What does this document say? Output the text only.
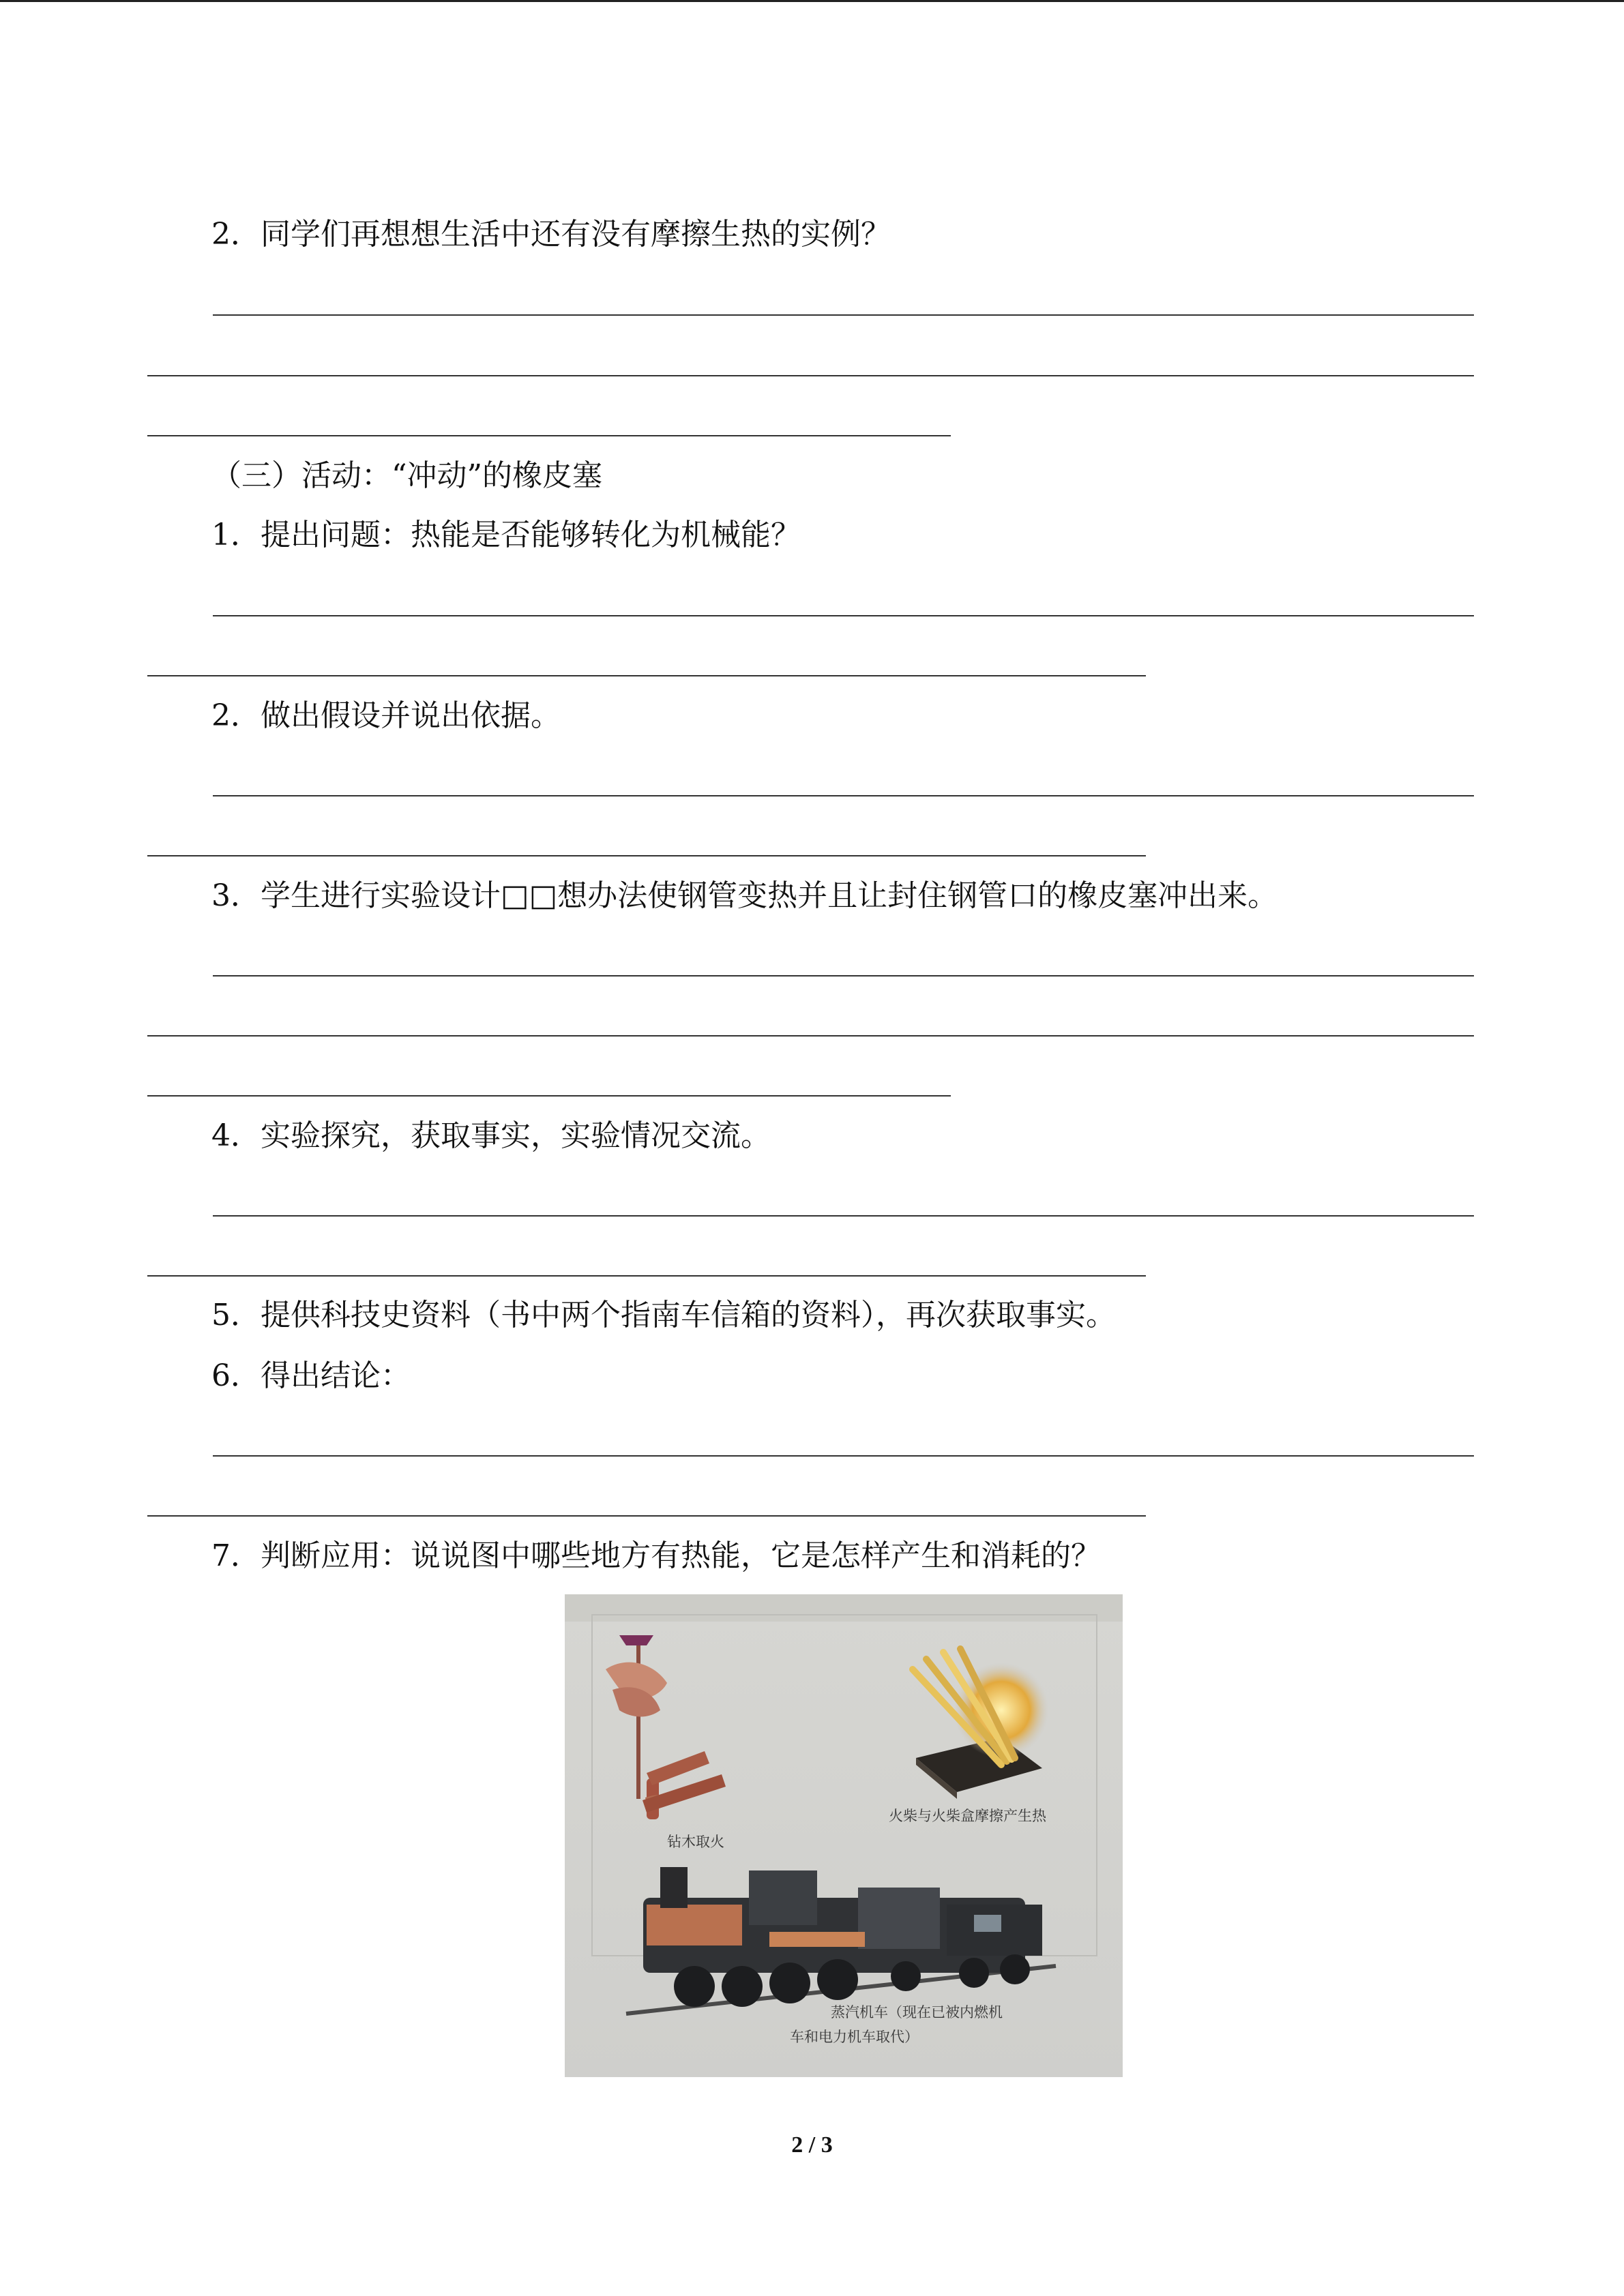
2．同学们再想想生活中还有没有摩擦生热的实例？

（三）活动：“冲动”的橡皮塞

1．提出问题：热能是否能够转化为机械能？

2．做出假设并说出依据。

3．学生进行实验设计□□想办法使钢管变热并且让封住钢管口的橡皮塞冲出来。

4．实验探究，获取事实，实验情况交流。

5．提供科技史资料（书中两个指南车信箱的资料），再次获取事实。

6．得出结论：

7．判断应用：说说图中哪些地方有热能，它是怎样产生和消耗的？

钻木取火
火柴与火柴盒摩擦产生热
蒸汽机车（现在已被内燃机
车和电力机车取代）
2 / 3
